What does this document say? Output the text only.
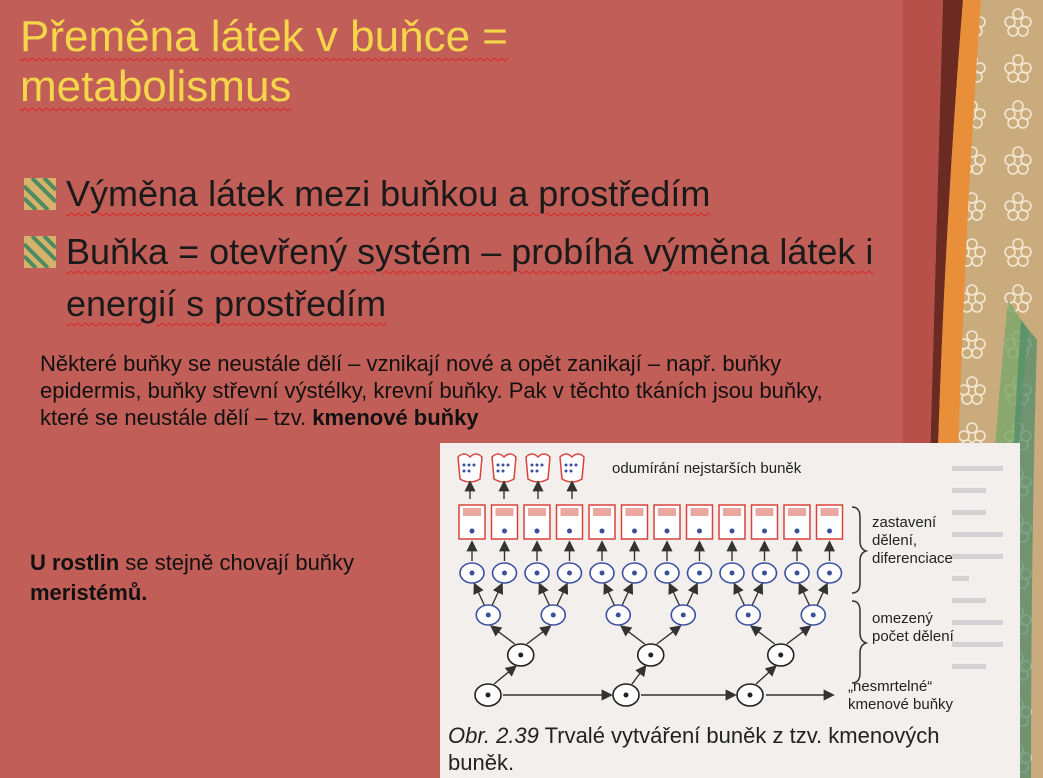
Přeměna látek v buňce = metabolismus
Výměna látek mezi buňkou a prostředím
Buňka = otevřený systém – probíhá výměna látek i energií s prostředím
Některé buňky se neustále dělí – vznikají nové a opět zanikají – např. buňky epidermis, buňky střevní výstélky, krevní buňky. Pak v těchto tkáních jsou buňky, které se neustále dělí – tzv. kmenové buňky
U rostlin se stejně chovají buňky meristémů.
▬▬▬ ▬▬
▬▬ ▬▬▬
▬▬▬ ▬
▬▬ ▬▬▬
▬▬▬ ▬▬
odumírání nejstarších buněk
zastavení
dělení,
diferenciace
omezený
počet dělení
„nesmrtelné“
kmenové buňky
Obr. 2.39 Trvalé vytváření buněk z tzv. kmenových buněk.
